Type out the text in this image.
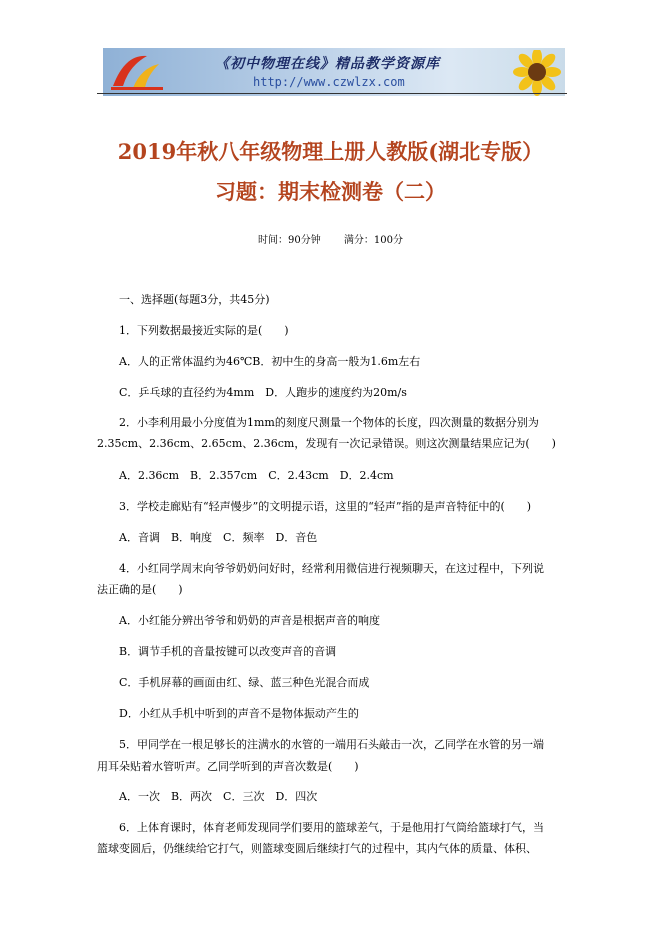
《初中物理在线》精品教学资源库
http://www.czwlzx.com
2019年秋八年级物理上册人教版(湖北专版）
习题：期末检测卷（二）
时间：90分钟 满分：100分
一、选择题(每题3分，共45分)
1．下列数据最接近实际的是(　　)
A．人的正常体温约为46℃B．初中生的身高一般为1.6m左右
C．乒乓球的直径约为4mm　D．人跑步的速度约为20m/s
2．小李利用最小分度值为1mm的刻度尺测量一个物体的长度，四次测量的数据分别为
2.35cm、2.36cm、2.65cm、2.36cm，发现有一次记录错误。则这次测量结果应记为(　　)
A．2.36cm　B．2.357cm　C．2.43cm　D．2.4cm
3．学校走廊贴有“轻声慢步”的文明提示语，这里的“轻声”指的是声音特征中的(　　)
A．音调　B．响度　C．频率　D．音色
4．小红同学周末向爷爷奶奶问好时，经常利用微信进行视频聊天，在这过程中，下列说
法正确的是(　　)
A．小红能分辨出爷爷和奶奶的声音是根据声音的响度
B．调节手机的音量按键可以改变声音的音调
C．手机屏幕的画面由红、绿、蓝三种色光混合而成
D．小红从手机中听到的声音不是物体振动产生的
5．甲同学在一根足够长的注满水的水管的一端用石头敲击一次，乙同学在水管的另一端
用耳朵贴着水管听声。乙同学听到的声音次数是(　　)
A．一次　B．两次　C．三次　D．四次
6．上体育课时，体育老师发现同学们要用的篮球差气，于是他用打气筒给篮球打气，当
篮球变圆后，仍继续给它打气，则篮球变圆后继续打气的过程中，其内气体的质量、体积、
